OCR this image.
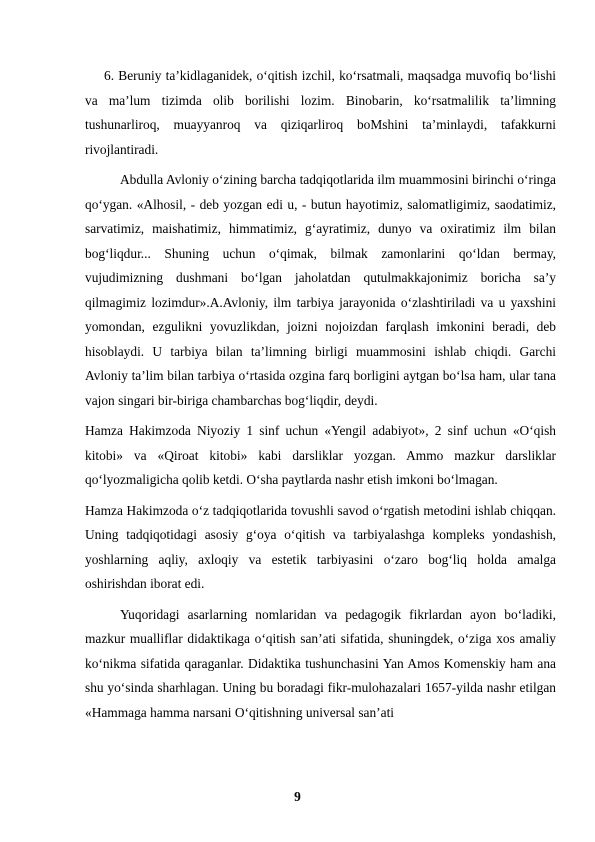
6. Beruniy ta’kidlaganidek, o‘qitish izchil, ko‘rsatmali, maqsadga muvofiq bo‘lishi va ma’lum tizimda olib borilishi lozim. Binobarin, ko‘rsatmalilik ta’limning tushunarliroq, muayyanroq va qiziqarliroq boMshini ta’minlaydi, tafakkurni rivojlantiradi.

Abdulla Avloniy o‘zining barcha tadqiqotlarida ilm muammosini birinchi o‘ringa qo‘ygan. «Alhosil, - deb yozgan edi u, - butun hayotimiz, salomatligimiz, saodatimiz, sarvatimiz, maishatimiz, himmatimiz, g‘ayratimiz, dunyo va oxiratimiz ilm bilan bog‘liqdur... Shuning uchun o‘qimak, bilmak zamonlarini qo‘ldan bermay, vujudimizning dushmani bo‘lgan jaholatdan qutulmakkajonimiz boricha sa’y qilmagimiz lozimdur».A.Avloniy, ilm tarbiya jarayonida o‘zlashtiriladi va u yaxshini yomondan, ezgulikni yovuzlikdan, joizni nojoizdan farqlash imkonini beradi, deb hisoblaydi. U tarbiya bilan ta’limning birligi muammosini ishlab chiqdi. Garchi Avloniy ta’lim bilan tarbiya o‘rtasida ozgina farq borligini aytgan bo‘lsa ham, ular tana vajon singari bir-biriga chambarchas bog‘liqdir, deydi.

Hamza Hakimzoda Niyoziy 1 sinf uchun «Yengil adabiyot», 2 sinf uchun «O‘qish kitobi» va «Qiroat kitobi» kabi darsliklar yozgan. Ammo mazkur darsliklar qo‘lyozmaligicha qolib ketdi. O‘sha paytlarda nashr etish imkoni bo‘lmagan.

Hamza Hakimzoda o‘z tadqiqotlarida tovushli savod o‘rgatish metodini ishlab chiqqan. Uning tadqiqotidagi asosiy g‘oya o‘qitish va tarbiyalashga kompleks yondashish, yoshlarning aqliy, axloqiy va estetik tarbiyasini o‘zaro bog‘liq holda amalga oshirishdan iborat edi.

Yuqoridagi asarlarning nomlaridan va pedagogik fikrlardan ayon bo‘ladiki, mazkur mualliflar didaktikaga o‘qitish san’ati sifatida, shuningdek, o‘ziga xos amaliy ko‘nikma sifatida qaraganlar. Didaktika tushunchasini Yan Amos Komenskiy ham ana shu yo‘sinda sharhlagan. Uning bu boradagi fikr-mulohazalari 1657-yilda nashr etilgan «Hammaga hamma narsani O‘qitishning universal san’ati

9
